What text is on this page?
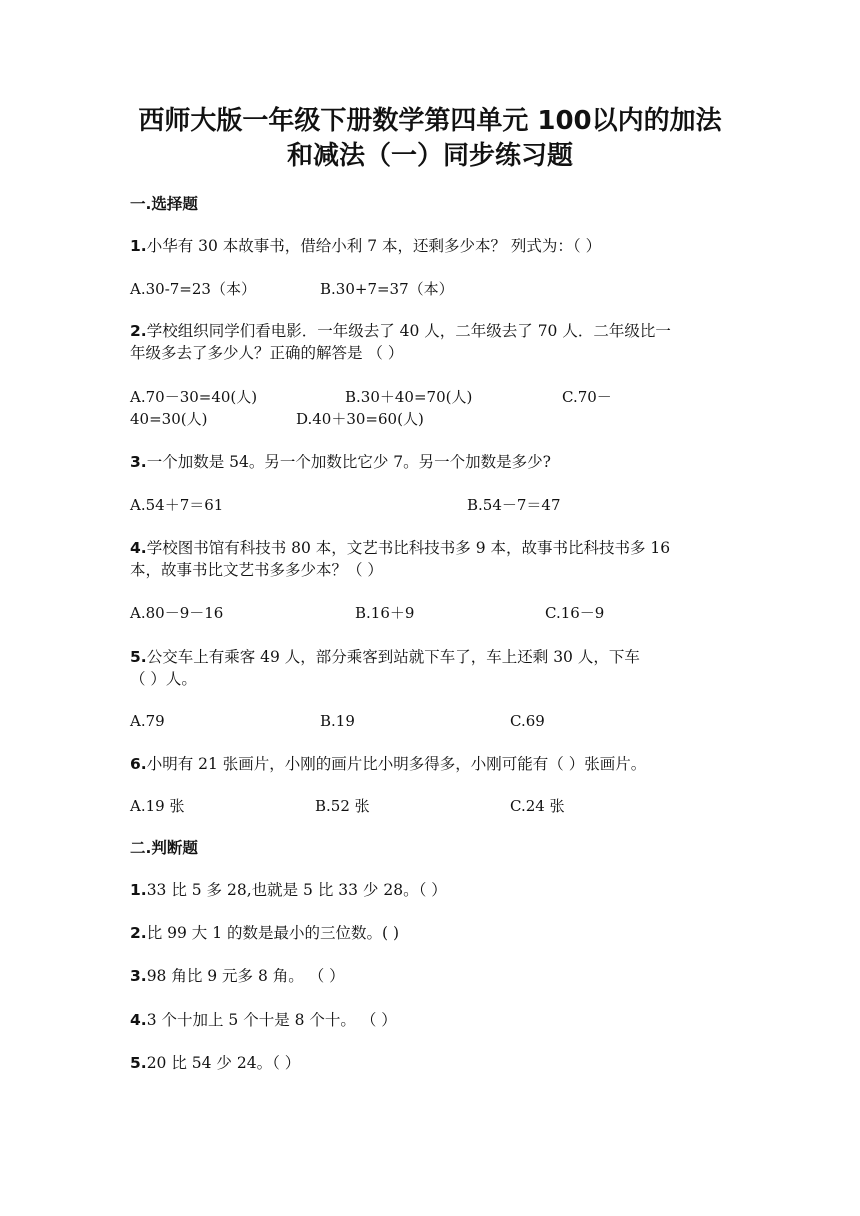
西师大版一年级下册数学第四单元 100以内的加法
和减法（一）同步练习题
一.选择题
1.小华有 30 本故事书，借给小利 7 本，还剩多少本？ 列式为：（ ）
A.30-7=23（本）	B.30+7=37（本）
2.学校组织同学们看电影．一年级去了 40 人，二年级去了 70 人．二年级比一
年级多去了多少人？正确的解答是 （ ）
A.70－30=40(人)	B.30＋40=70(人)	C.70－
40=30(人)	D.40＋30=60(人)
3.一个加数是 54。另一个加数比它少 7。另一个加数是多少?
A.54＋7＝61	B.54－7＝47
4.学校图书馆有科技书 80 本，文艺书比科技书多 9 本，故事书比科技书多 16
本，故事书比文艺书多多少本？（ ）
A.80－9－16	B.16＋9	C.16－9
5.公交车上有乘客 49 人，部分乘客到站就下车了，车上还剩 30 人，下车
（ ）人。
A.79	B.19	C.69
6.小明有 21 张画片，小刚的画片比小明多得多，小刚可能有（ ）张画片。
A.19 张	B.52 张	C.24 张
二.判断题
1.33 比 5 多 28,也就是 5 比 33 少 28。（ ）
2.比 99 大 1 的数是最小的三位数。( )
3.98 角比 9 元多 8 角。 （ ）
4.3 个十加上 5 个十是 8 个十。 （ ）
5.20 比 54 少 24。（ ）
